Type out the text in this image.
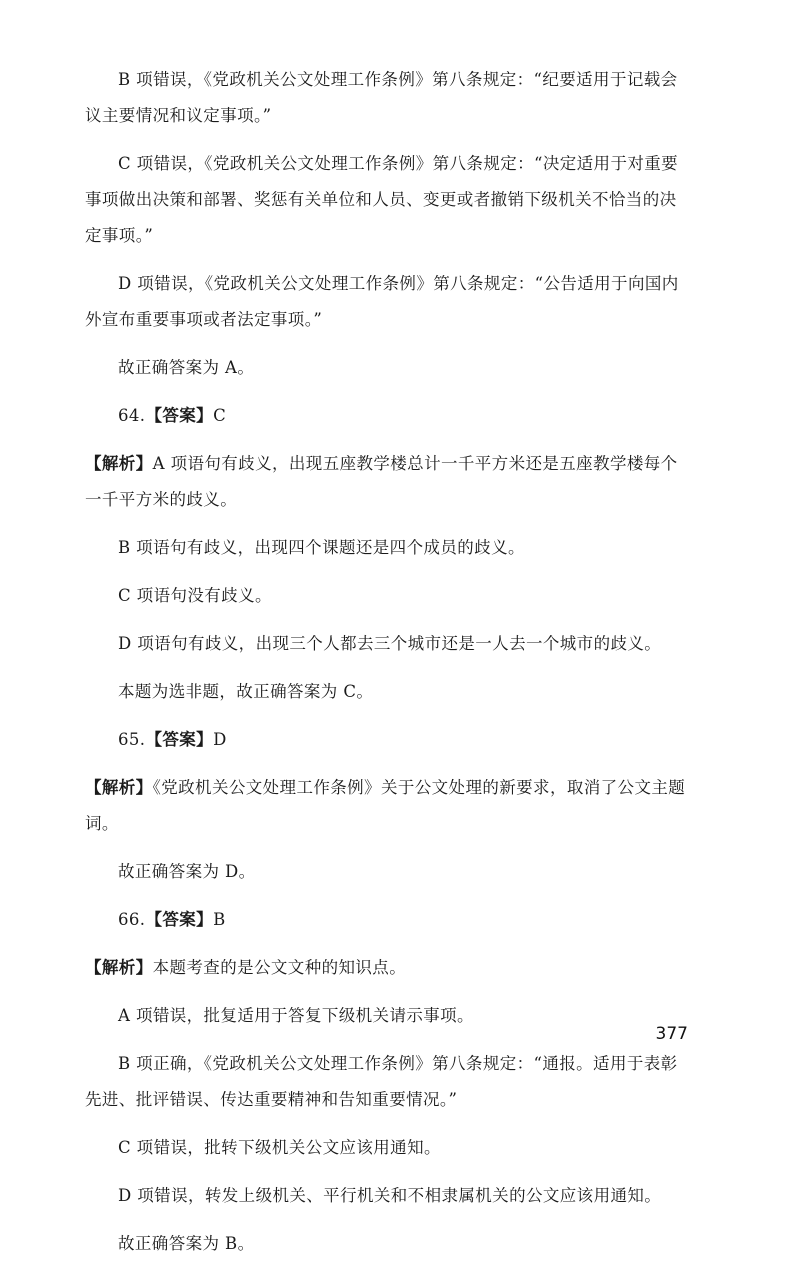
B 项错误，《党政机关公文处理工作条例》第八条规定：“纪要适用于记载会议主要情况和议定事项。”

C 项错误，《党政机关公文处理工作条例》第八条规定：“决定适用于对重要事项做出决策和部署、奖惩有关单位和人员、变更或者撤销下级机关不恰当的决定事项。”

D 项错误，《党政机关公文处理工作条例》第八条规定：“公告适用于向国内外宣布重要事项或者法定事项。”

故正确答案为 A。

64.【答案】C

【解析】A 项语句有歧义，出现五座教学楼总计一千平方米还是五座教学楼每个一千平方米的歧义。

B 项语句有歧义，出现四个课题还是四个成员的歧义。

C 项语句没有歧义。

D 项语句有歧义，出现三个人都去三个城市还是一人去一个城市的歧义。

本题为选非题，故正确答案为 C。

65.【答案】D

【解析】《党政机关公文处理工作条例》关于公文处理的新要求，取消了公文主题词。

故正确答案为 D。

66.【答案】B

【解析】本题考查的是公文文种的知识点。

A 项错误，批复适用于答复下级机关请示事项。

B 项正确，《党政机关公文处理工作条例》第八条规定：“通报。适用于表彰先进、批评错误、传达重要精神和告知重要情况。”

C 项错误，批转下级机关公文应该用通知。

D 项错误，转发上级机关、平行机关和不相隶属机关的公文应该用通知。

故正确答案为 B。

377
